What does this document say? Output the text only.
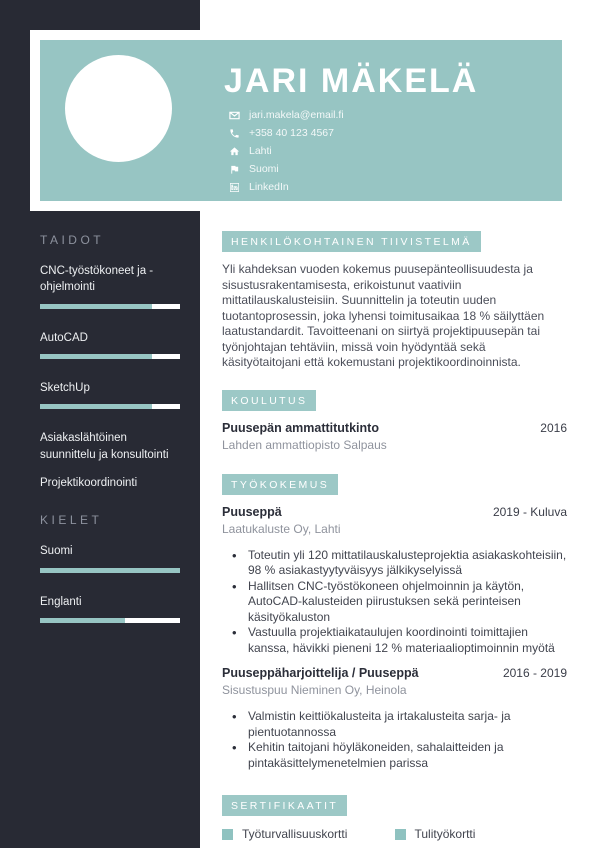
JARI MÄKELÄ
jari.makela@email.fi
+358 40 123 4567
Lahti
Suomi
LinkedIn
TAIDOT
CNC-työstökoneet ja -ohjelmointi
AutoCAD
SketchUp
Asiakaslähtöinen suunnittelu ja konsultointi
Projektikoordinointi
KIELET
Suomi
Englanti
HENKILÖKOHTAINEN TIIVISTELMÄ

Yli kahdeksan vuoden kokemus puusepänteollisuudesta ja sisustusrakentamisesta, erikoistunut vaativiin mittatilauskalusteisiin. Suunnittelin ja toteutin uuden tuotantoprosessin, joka lyhensi toimitusaikaa 18 % säilyttäen laatustandardit. Tavoitteenani on siirtyä projektipuusepän tai työnjohtajan tehtäviin, missä voin hyödyntää sekä käsityötaitojani että kokemustani projektikoordinoinnista.

KOULUTUS
Puusepän ammattitutkinto	2016
Lahden ammattiopisto Salpaus
TYÖKOKEMUS
Puuseppä	2019 - Kuluva
Laatukaluste Oy, Lahti
• Toteutin yli 120 mittatilauskalusteprojektia asiakaskohteisiin, 98 % asiakastyytyväisyys jälkikyselyissä
• Hallitsen CNC-työstökoneen ohjelmoinnin ja käytön, AutoCAD-kalusteiden piirustuksen sekä perinteisen käsityökaluston
• Vastuulla projektiaikataulujen koordinointi toimittajien kanssa, hävikki pieneni 12 % materiaalioptimoinnin myötä
Puuseppäharjoittelija / Puuseppä	2016 - 2019
Sisustuspuu Nieminen Oy, Heinola
• Valmistin keittiökalusteita ja irtakalusteita sarja- ja pientuotannossa
• Kehitin taitojani höyläkoneiden, sahalaitteiden ja pintakäsittelymenetelmien parissa
SERTIFIKAATIT
Työturvallisuuskortti	Tulityökortti
